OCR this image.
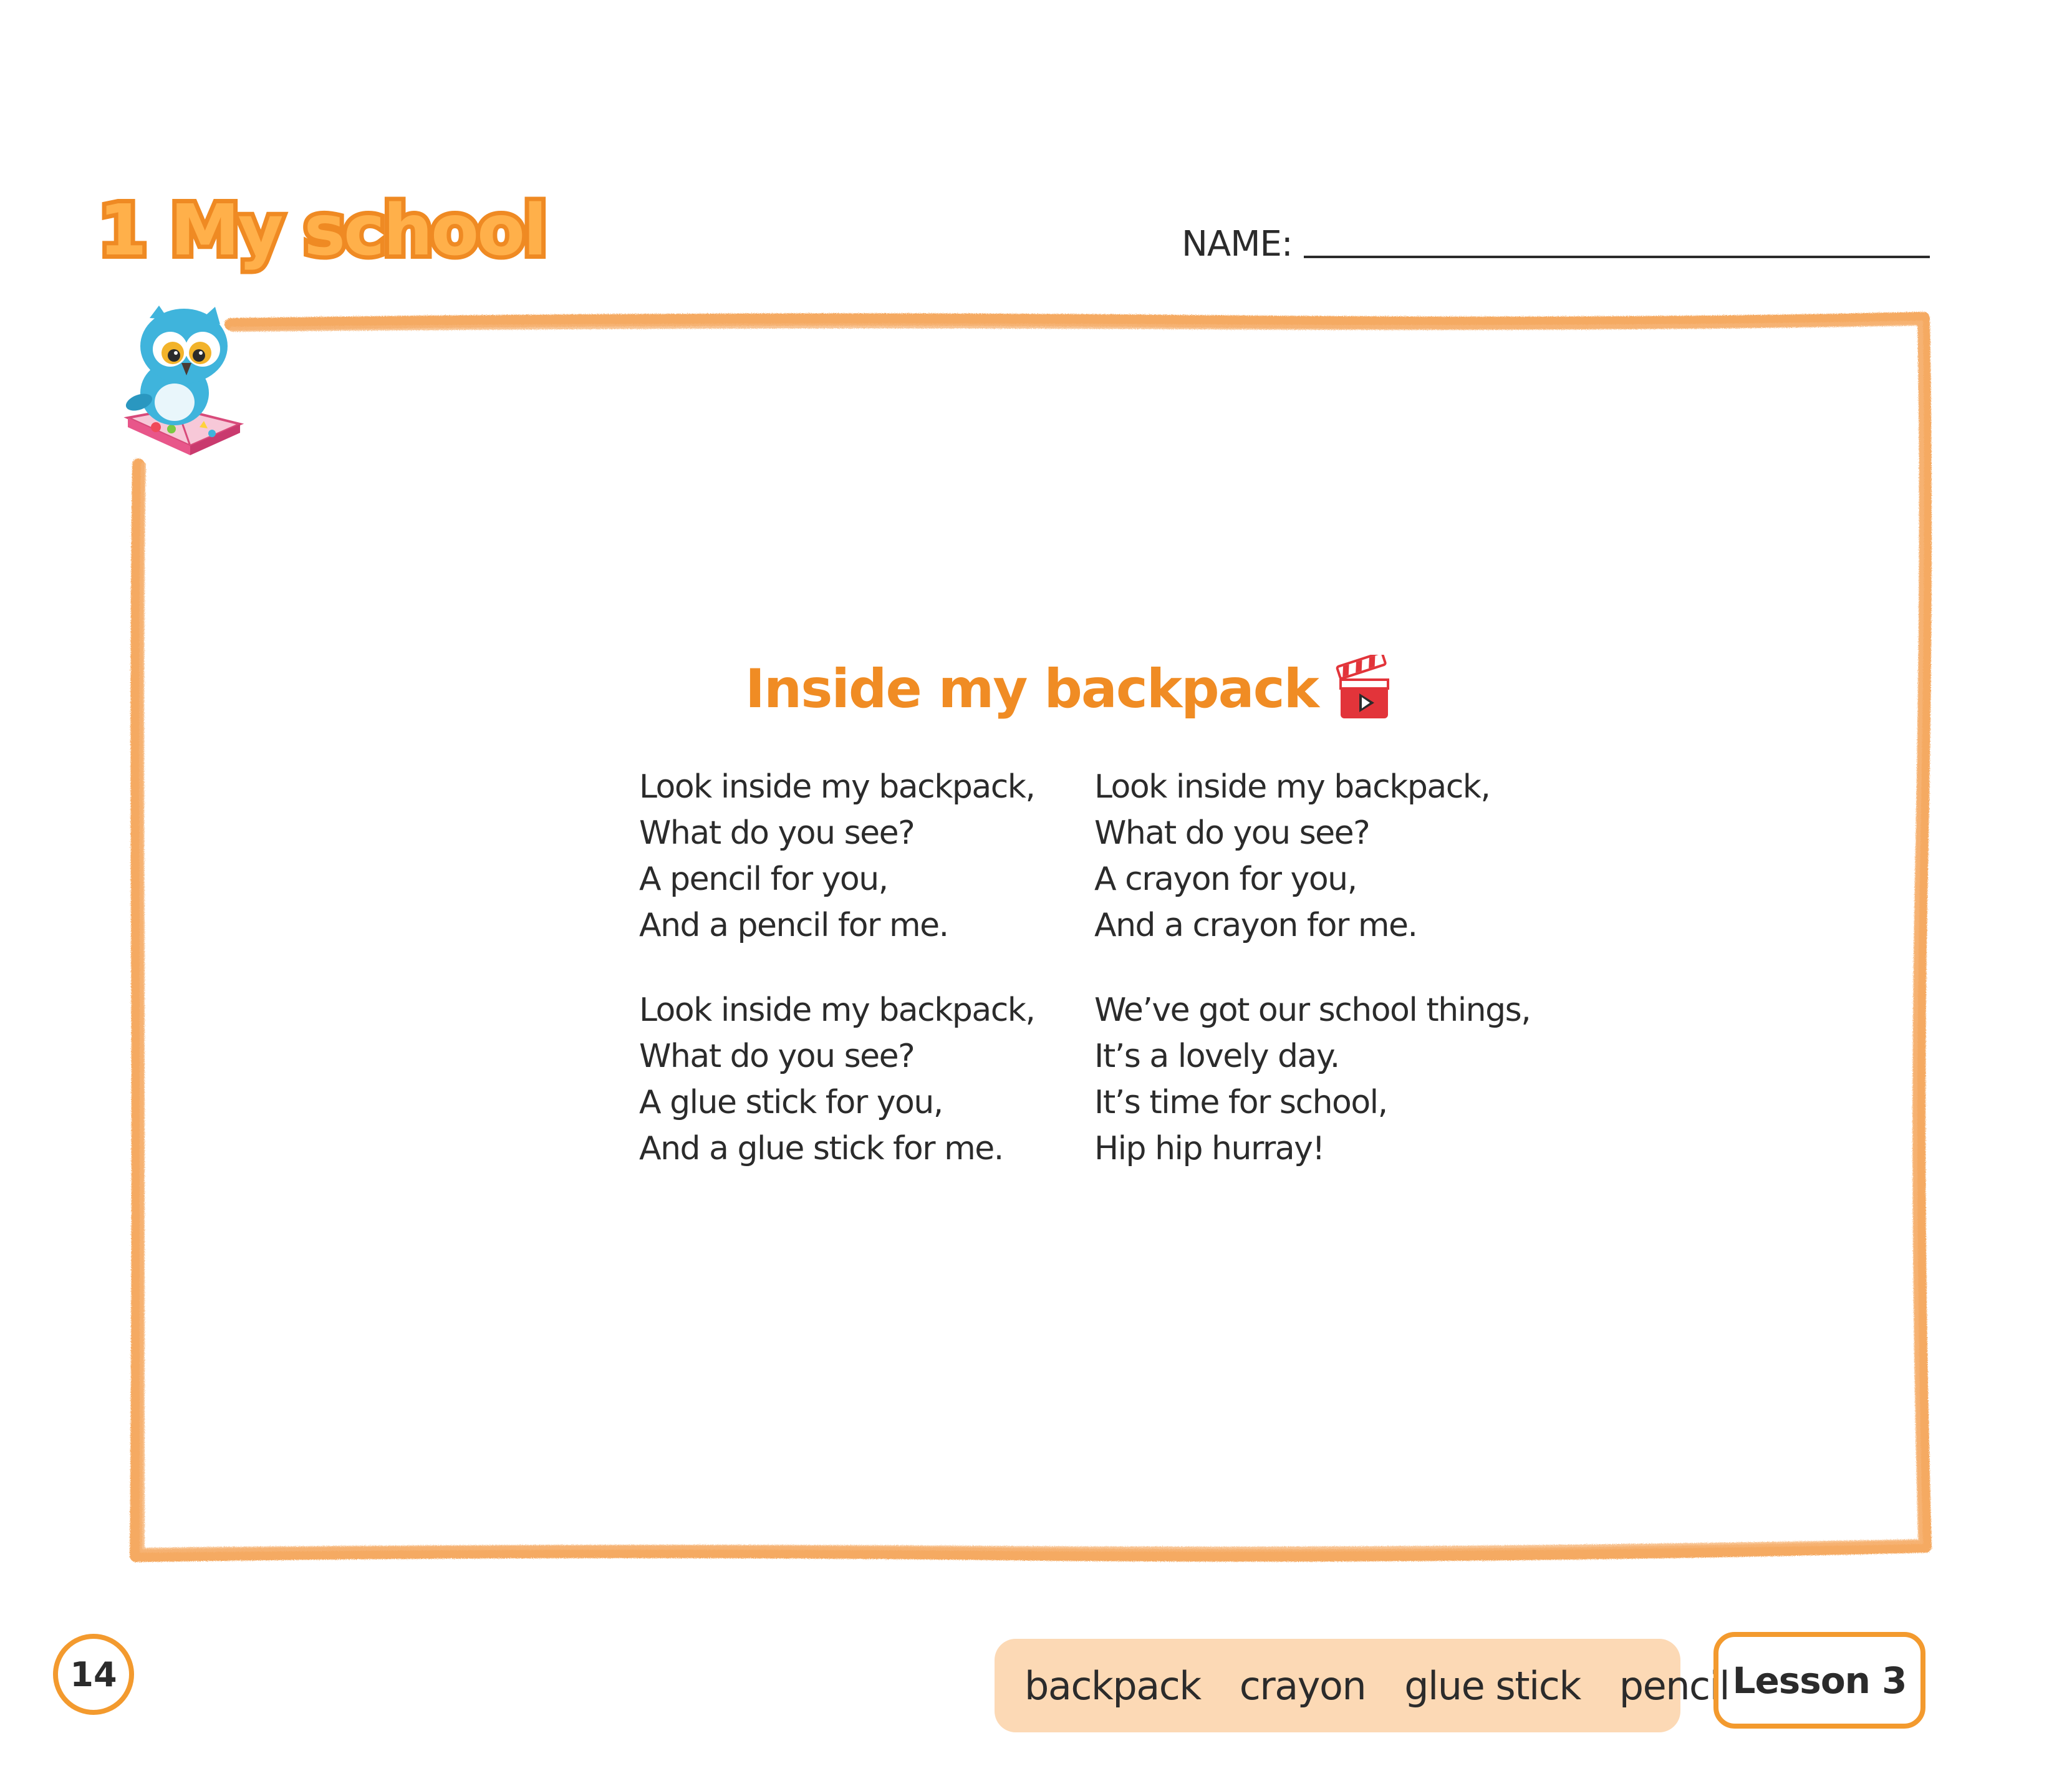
1 My school	NAME:
Inside my backpack
Look inside my backpack,
What do you see?
A pencil for you,
And a pencil for me.
Look inside my backpack,
What do you see?
A crayon for you,
And a crayon for me.
Look inside my backpack,
What do you see?
A glue stick for you,
And a glue stick for me.
We’ve got our school things,
It’s a lovely day.
It’s time for school,
Hip hip hurray!
14	backpack crayon glue stick pencil Lesson 3
